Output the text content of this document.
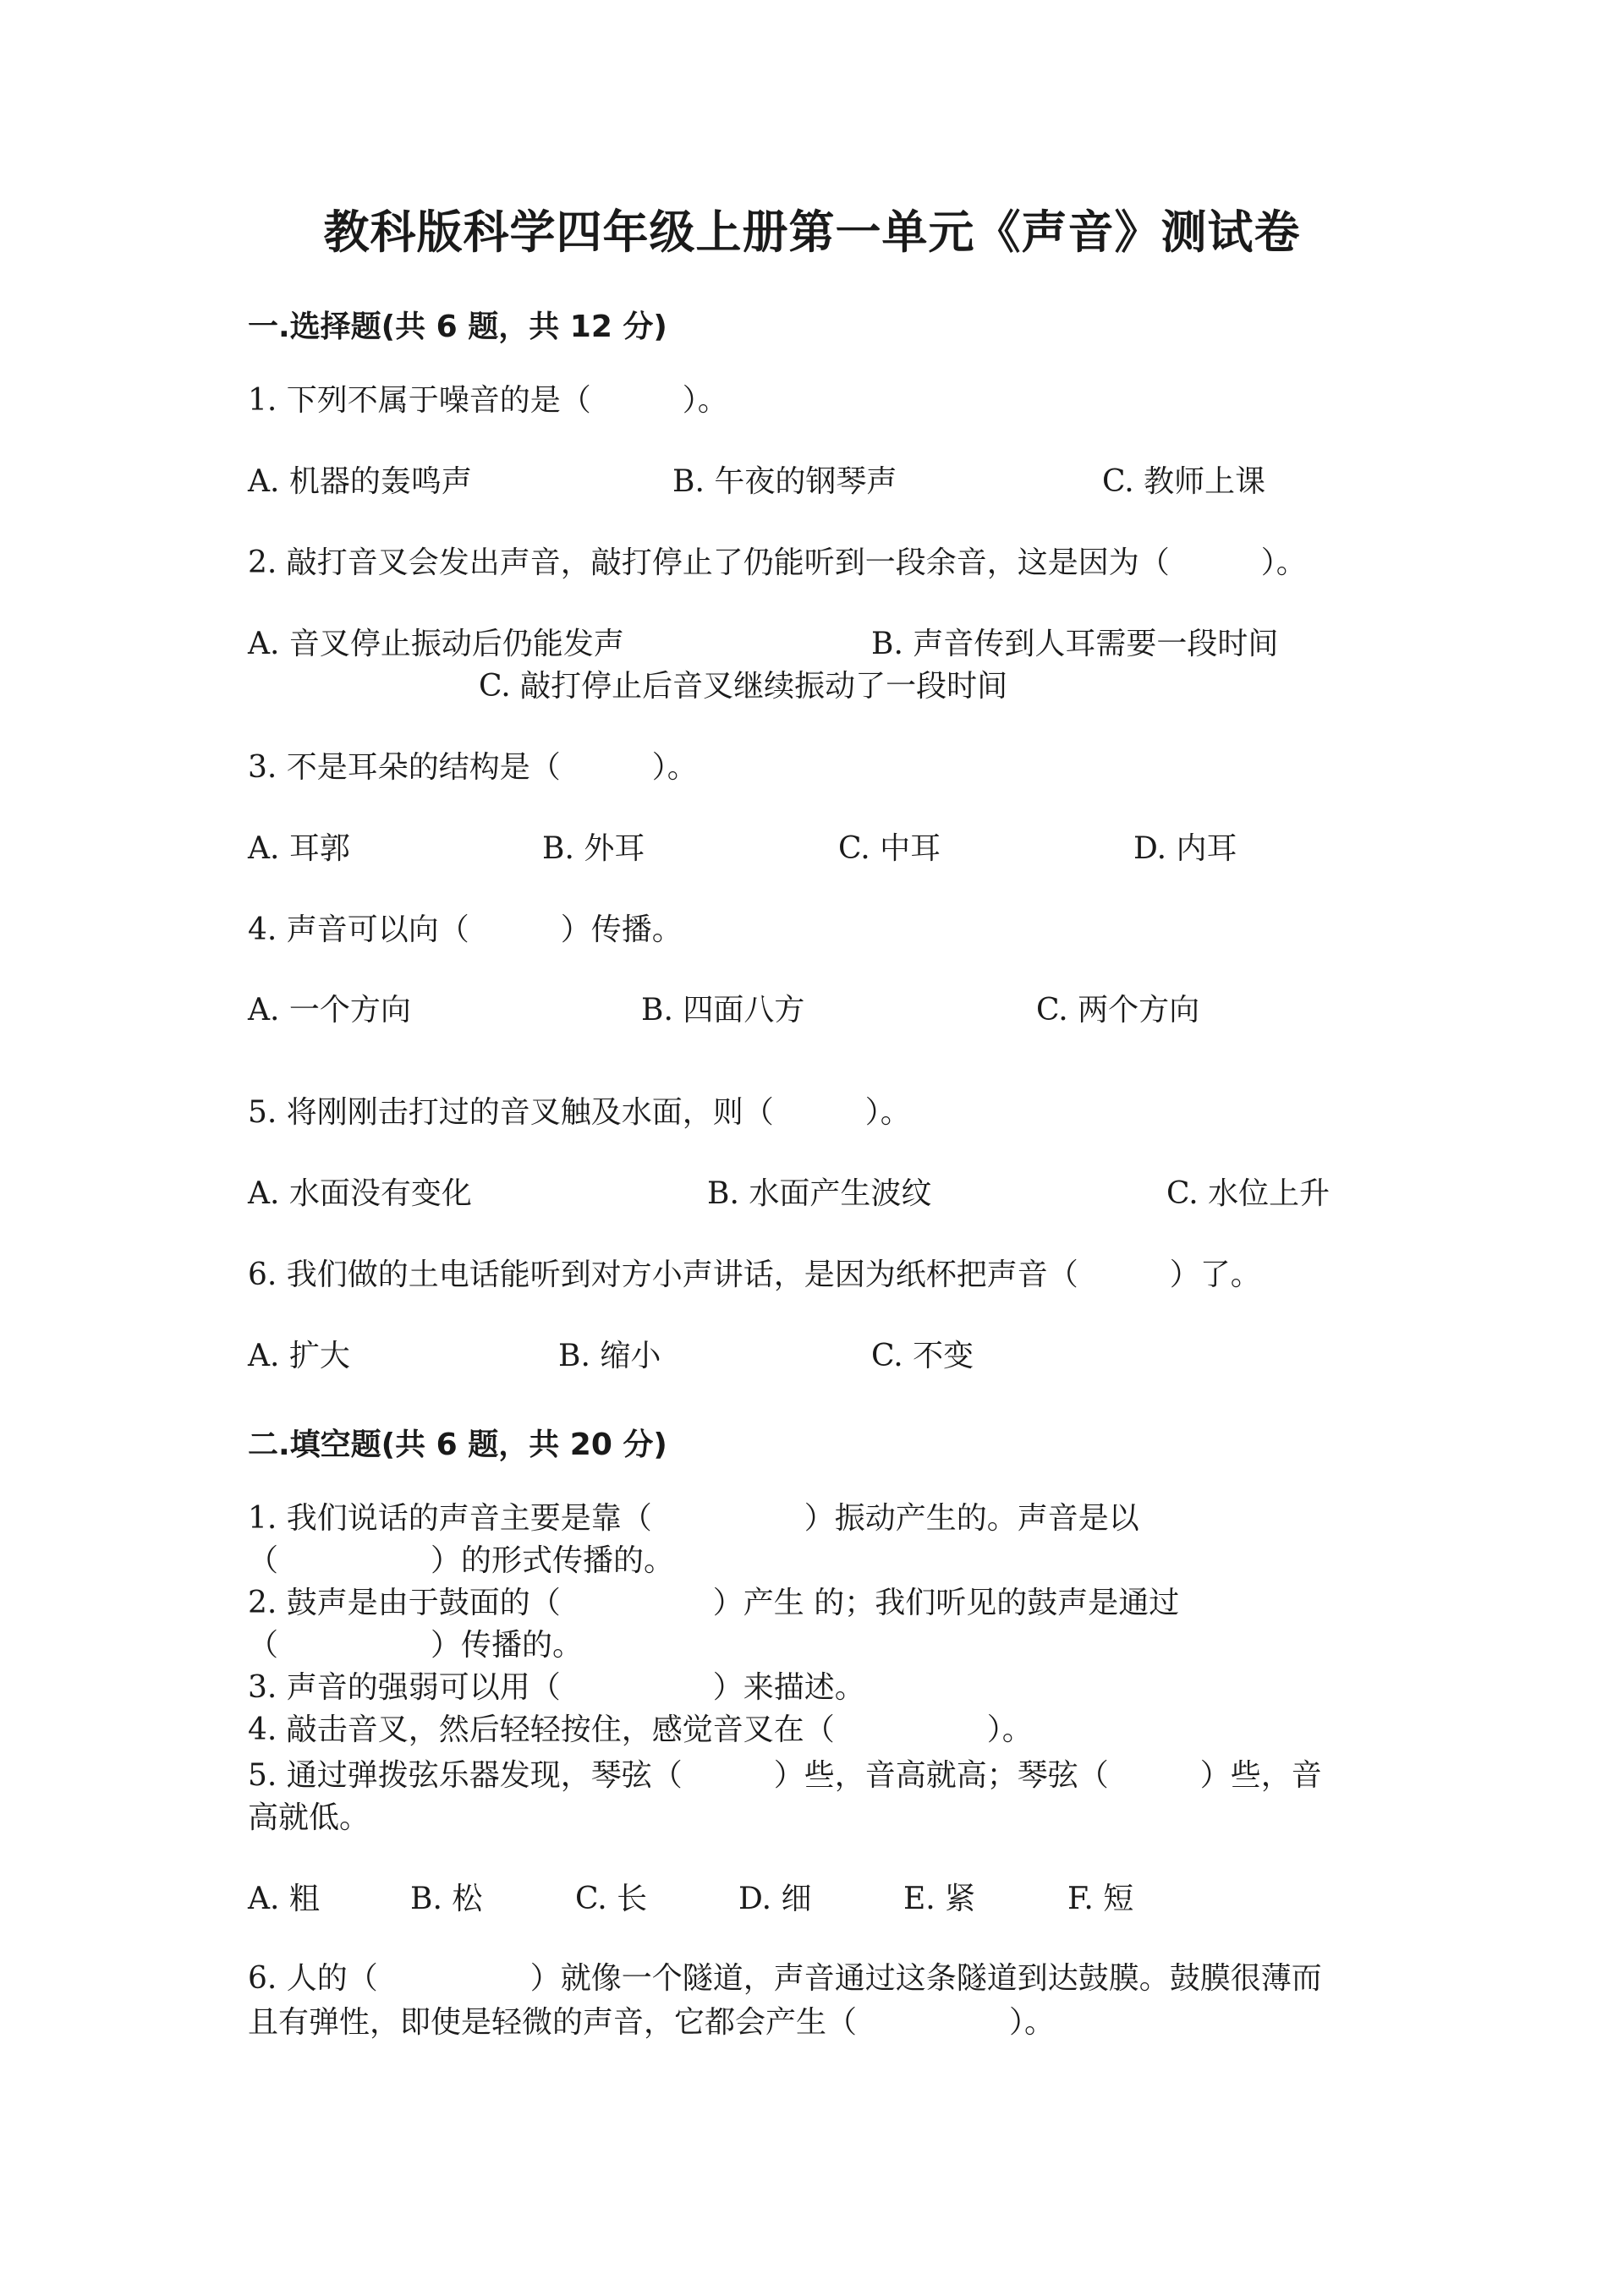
教科版科学四年级上册第一单元《声音》测试卷
一.选择题(共 6 题，共 12 分)
1. 下列不属于噪音的是（　　　）。
A. 机器的轰鸣声	B. 午夜的钢琴声	C. 教师上课
2. 敲打音叉会发出声音，敲打停止了仍能听到一段余音，这是因为（　　　）。
A. 音叉停止振动后仍能发声	B. 声音传到人耳需要一段时间
C. 敲打停止后音叉继续振动了一段时间
3. 不是耳朵的结构是（　　　）。
A. 耳郭	B. 外耳	C. 中耳	D. 内耳
4. 声音可以向（　　　）传播。
A. 一个方向	B. 四面八方	C. 两个方向
5. 将刚刚击打过的音叉触及水面，则（　　　）。
A. 水面没有变化	B. 水面产生波纹	C. 水位上升
6. 我们做的土电话能听到对方小声讲话，是因为纸杯把声音（　　　）了。
A. 扩大	B. 缩小	C. 不变
二.填空题(共 6 题，共 20 分)
1. 我们说话的声音主要是靠（　　　　　）振动产生的。声音是以
（　　　　　）的形式传播的。
2. 鼓声是由于鼓面的（　　　　　）产生 的；我们听见的鼓声是通过
（　　　　　）传播的。
3. 声音的强弱可以用（　　　　　）来描述。
4. 敲击音叉，然后轻轻按住，感觉音叉在（　　　　　）。
5. 通过弹拨弦乐器发现，琴弦（　　　）些，音高就高；琴弦（　　　）些，音
高就低。
A. 粗	B. 松	C. 长	D. 细	E. 紧	F. 短
6. 人的（　　　　　）就像一个隧道，声音通过这条隧道到达鼓膜。鼓膜很薄而
且有弹性，即使是轻微的声音，它都会产生（　　　　　）。
